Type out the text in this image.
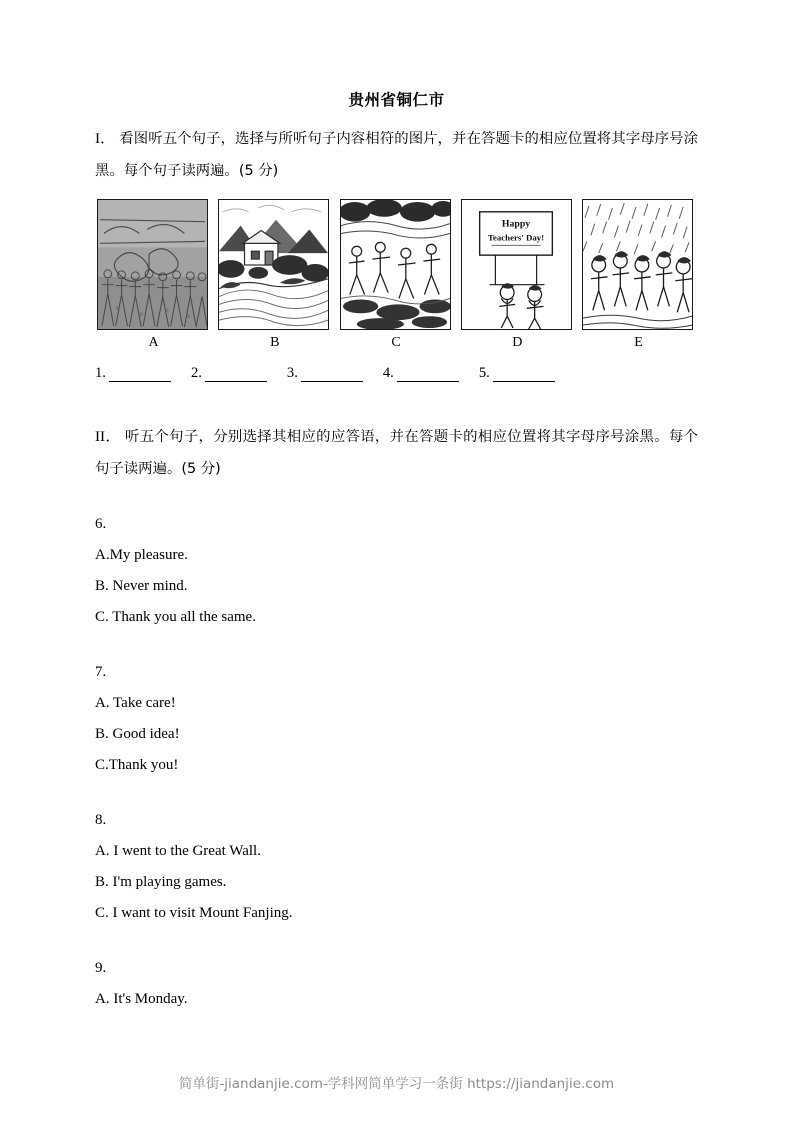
贵州省铜仁市
I． 看图听五个句子，选择与所听句子内容相符的图片，并在答题卡的相应位置将其字母序号涂黑。每个句子读两遍。(5 分)
A	B	C
Happy
Teachers' Day!
D	E
1.	2.	3.	4.	5.
II． 听五个句子，分别选择其相应的应答语，并在答题卡的相应位置将其字母序号涂黑。每个句子读两遍。(5 分)
6.
A.My pleasure.
B. Never mind.
C. Thank you all the same.
7.
A. Take care!
B. Good idea!
C.Thank you!
8.
A. I went to the Great Wall.
B. I'm playing games.
C. I want to visit Mount Fanjing.
9.
A. It's Monday.
简单街-jiandanjie.com-学科网简单学习一条街 https://jiandanjie.com
